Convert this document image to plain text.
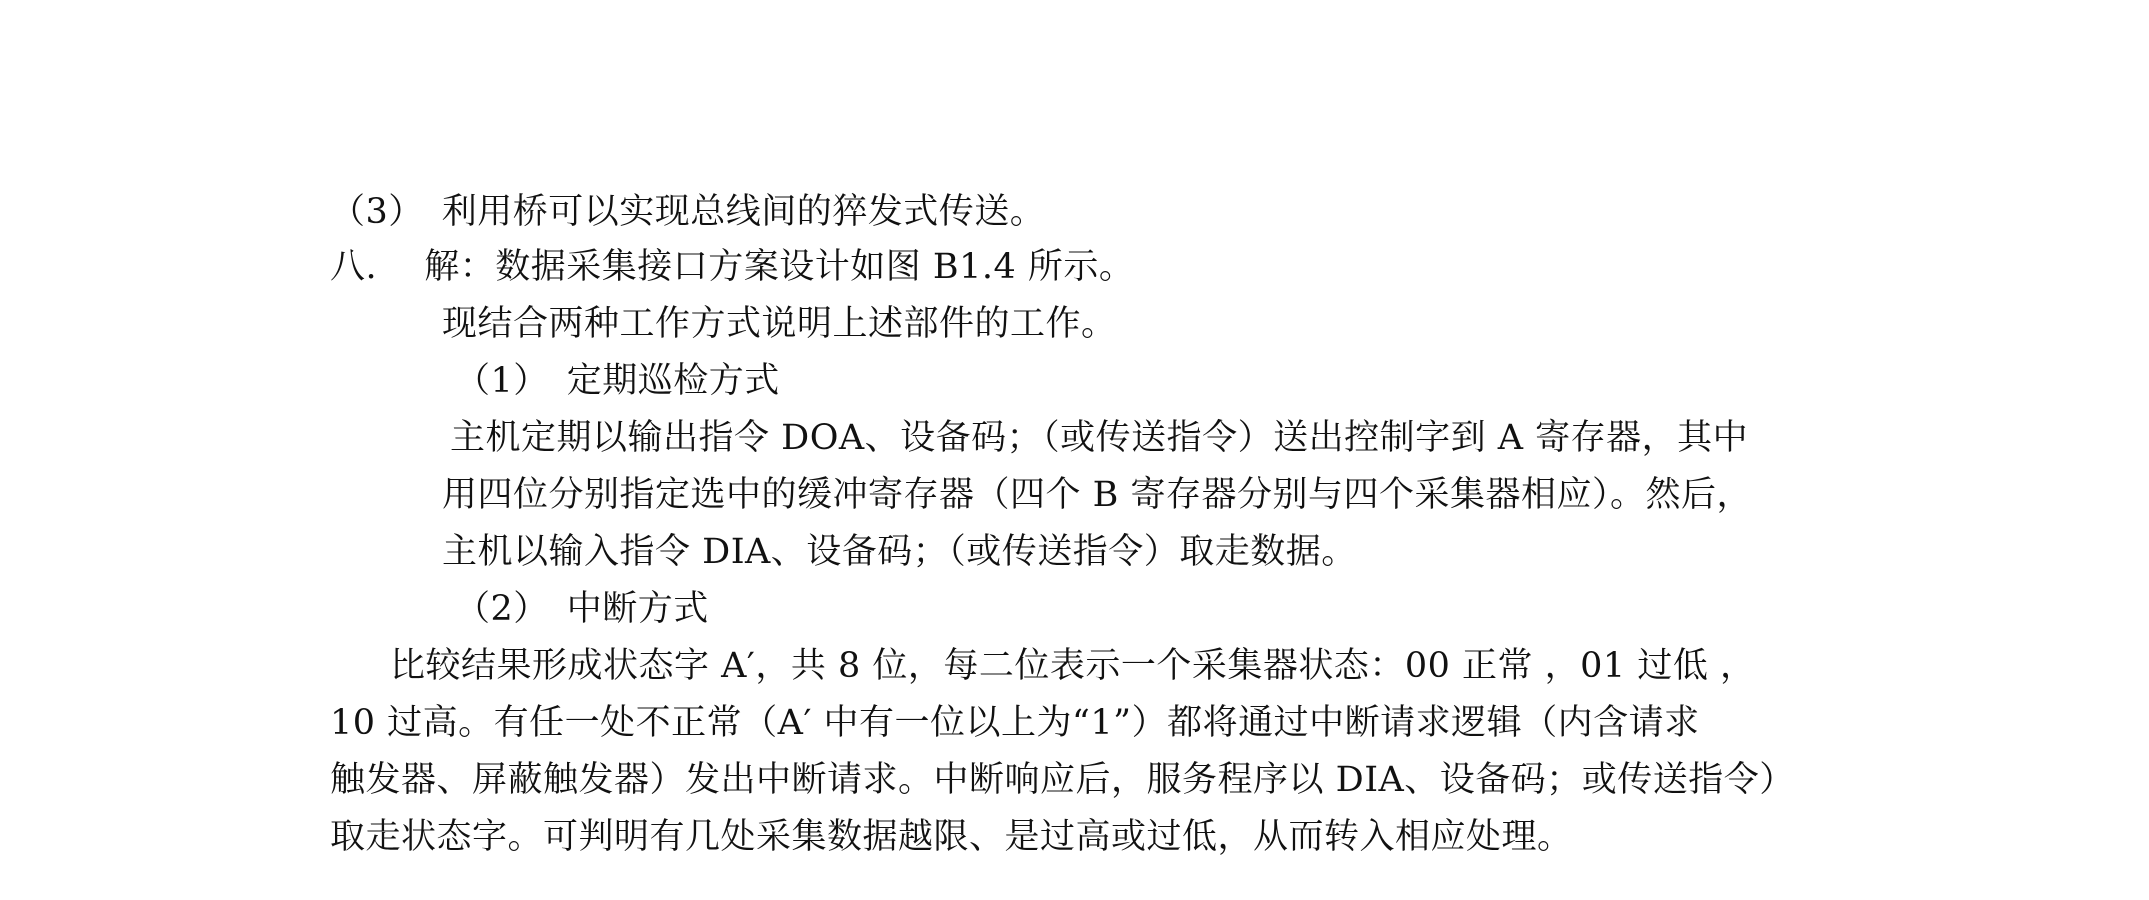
（3）　利用桥可以实现总线间的猝发式传送。
八.　 解：数据采集接口方案设计如图 B1.4 所示。
现结合两种工作方式说明上述部件的工作。
（1）　定期巡检方式
主机定期以输出指令 DOA、设备码；（或传送指令）送出控制字到 A 寄存器，其中
用四位分别指定选中的缓冲寄存器（四个 B 寄存器分别与四个采集器相应）。然后，
主机以输入指令 DIA、设备码；（或传送指令）取走数据。
（2）　中断方式
比较结果形成状态字 A′，共 8 位，每二位表示一个采集器状态：00 正常 ，01 过低 ，
10 过高。有任一处不正常（A′ 中有一位以上为“1”）都将通过中断请求逻辑（内含请求
触发器、屏蔽触发器）发出中断请求。中断响应后，服务程序以 DIA、设备码；或传送指令）
取走状态字。可判明有几处采集数据越限、是过高或过低，从而转入相应处理。
